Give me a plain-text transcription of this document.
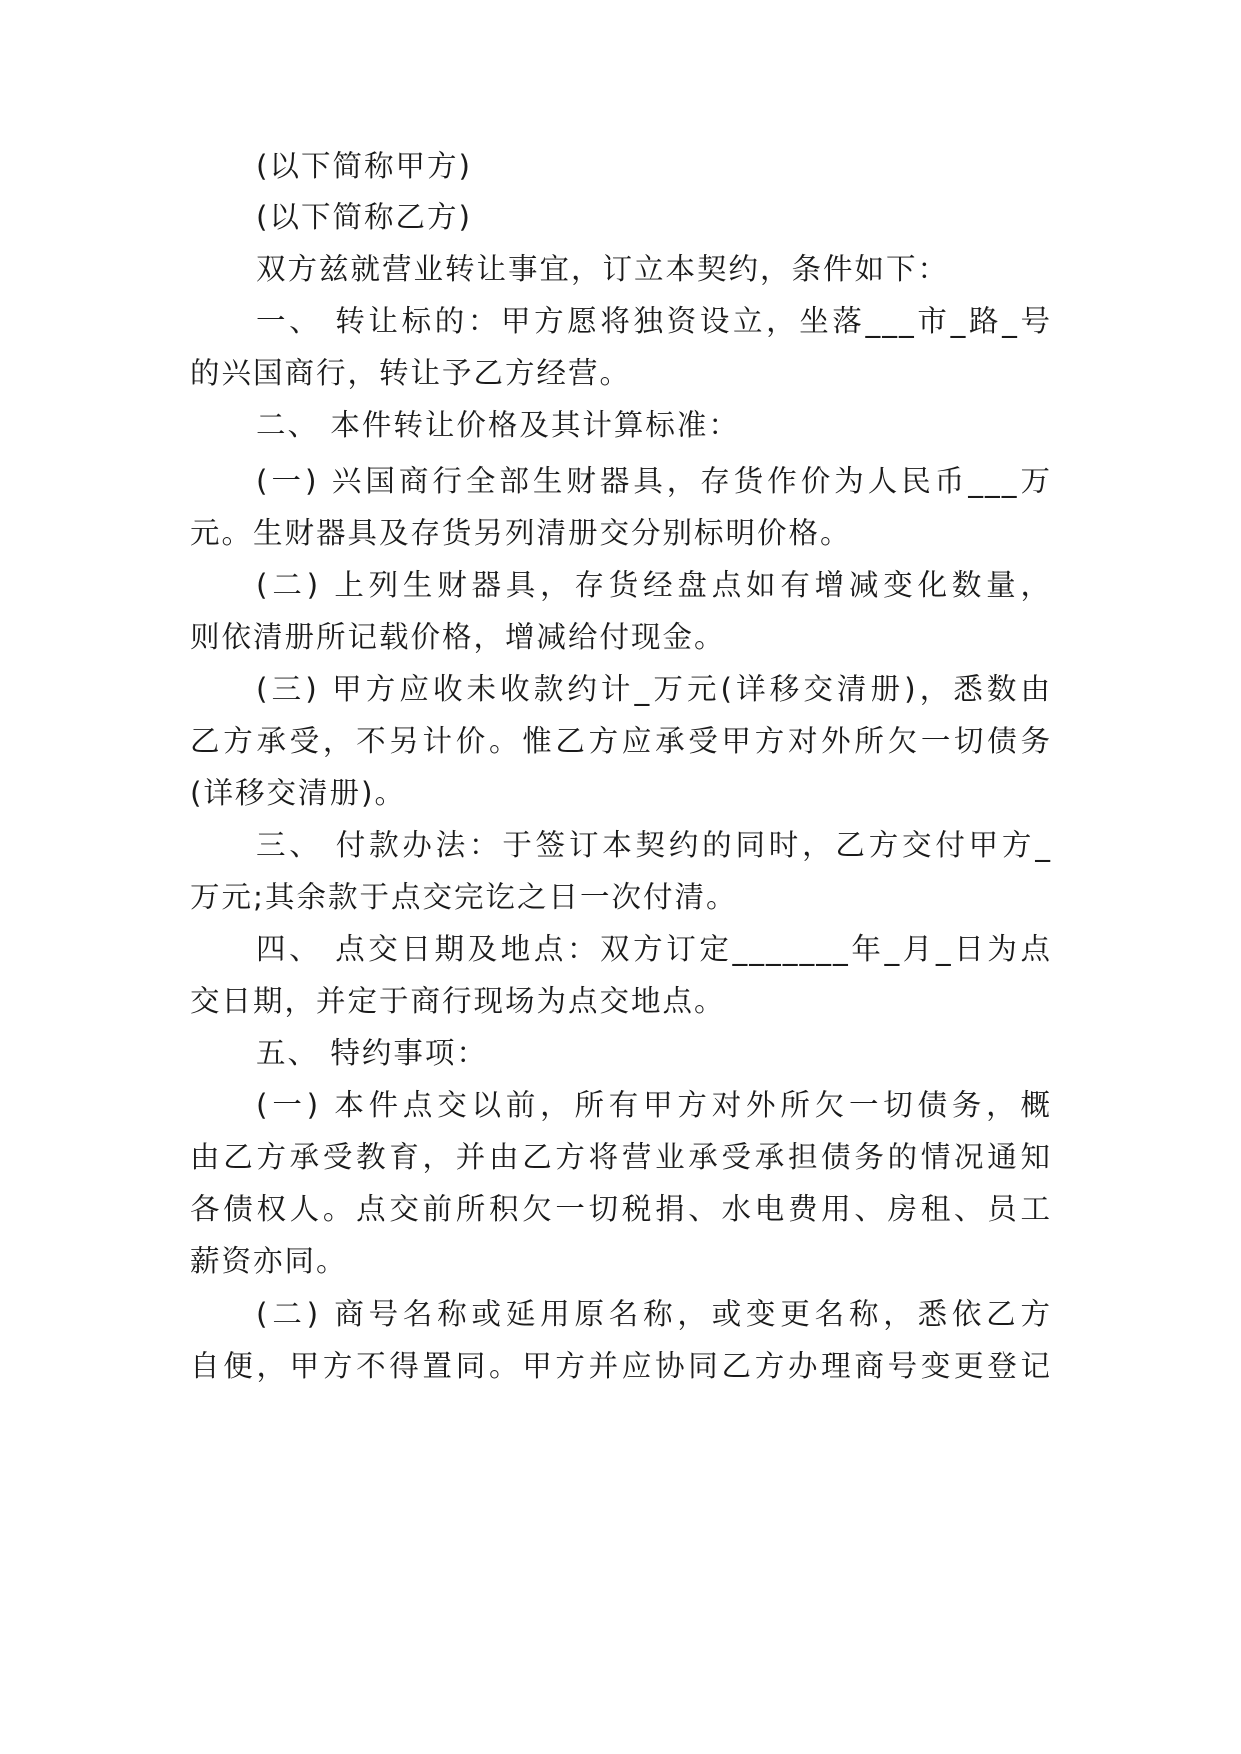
(以下简称甲方)
(以下简称乙方)
双方兹就营业转让事宜，订立本契约，条件如下：
一、 转让标的：甲方愿将独资设立，坐落___市_路_号
的兴国商行，转让予乙方经营。
二、 本件转让价格及其计算标准：
(一) 兴国商行全部生财器具，存货作价为人民币___万
元。生财器具及存货另列清册交分别标明价格。
(二) 上列生财器具，存货经盘点如有增减变化数量，
则依清册所记载价格，增减给付现金。
(三) 甲方应收未收款约计_万元(详移交清册)，悉数由
乙方承受，不另计价。惟乙方应承受甲方对外所欠一切债务
(详移交清册)。
三、 付款办法：于签订本契约的同时，乙方交付甲方_
万元;其余款于点交完讫之日一次付清。
四、 点交日期及地点：双方订定_______年_月_日为点
交日期，并定于商行现场为点交地点。
五、 特约事项：
(一) 本件点交以前，所有甲方对外所欠一切债务，概
由乙方承受教育，并由乙方将营业承受承担债务的情况通知
各债权人。点交前所积欠一切税捐、水电费用、房租、员工
薪资亦同。
(二) 商号名称或延用原名称，或变更名称，悉依乙方
自便，甲方不得置同。甲方并应协同乙方办理商号变更登记
